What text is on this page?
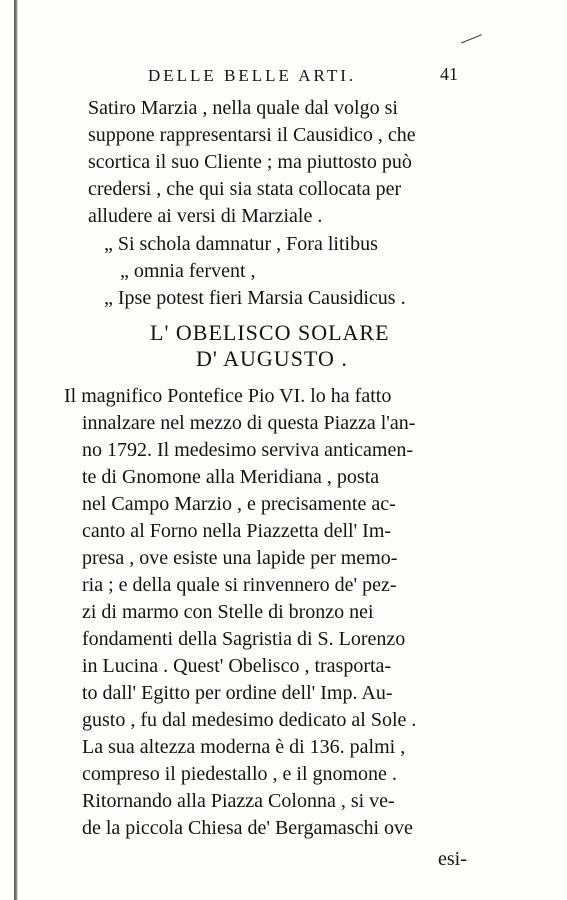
DELLE BELLE ARTI.	41
Satiro Marzia , nella quale dal volgo si
suppone rappresentarsi il Causidico , che
scortica il suo Cliente ; ma piuttosto può
credersi , che qui sia stata collocata per
alludere ai versi di Marziale .
„ Si schola damnatur , Fora litibus
„ omnia fervent ,
„ Ipse potest fieri Marsia Causidicus .
L' OBELISCO SOLARE
D' AUGUSTO .
Il magnifico Pontefice Pio VI. lo ha fatto
innalzare nel mezzo di questa Piazza l'an-
no 1792. Il medesimo serviva anticamen-
te di Gnomone alla Meridiana , posta
nel Campo Marzio , e precisamente ac-
canto al Forno nella Piazzetta dell' Im-
presa , ove esiste una lapide per memo-
ria ; e della quale si rinvennero de' pez-
zi di marmo con Stelle di bronzo nei
fondamenti della Sagristia di S. Lorenzo
in Lucina . Quest' Obelisco , trasporta-
to dall' Egitto per ordine dell' Imp. Au-
gusto , fu dal medesimo dedicato al Sole .
La sua altezza moderna è di 136. palmi ,
compreso il piedestallo , e il gnomone .
Ritornando alla Piazza Colonna , si ve-
de la piccola Chiesa de' Bergamaschi ove
esi-
